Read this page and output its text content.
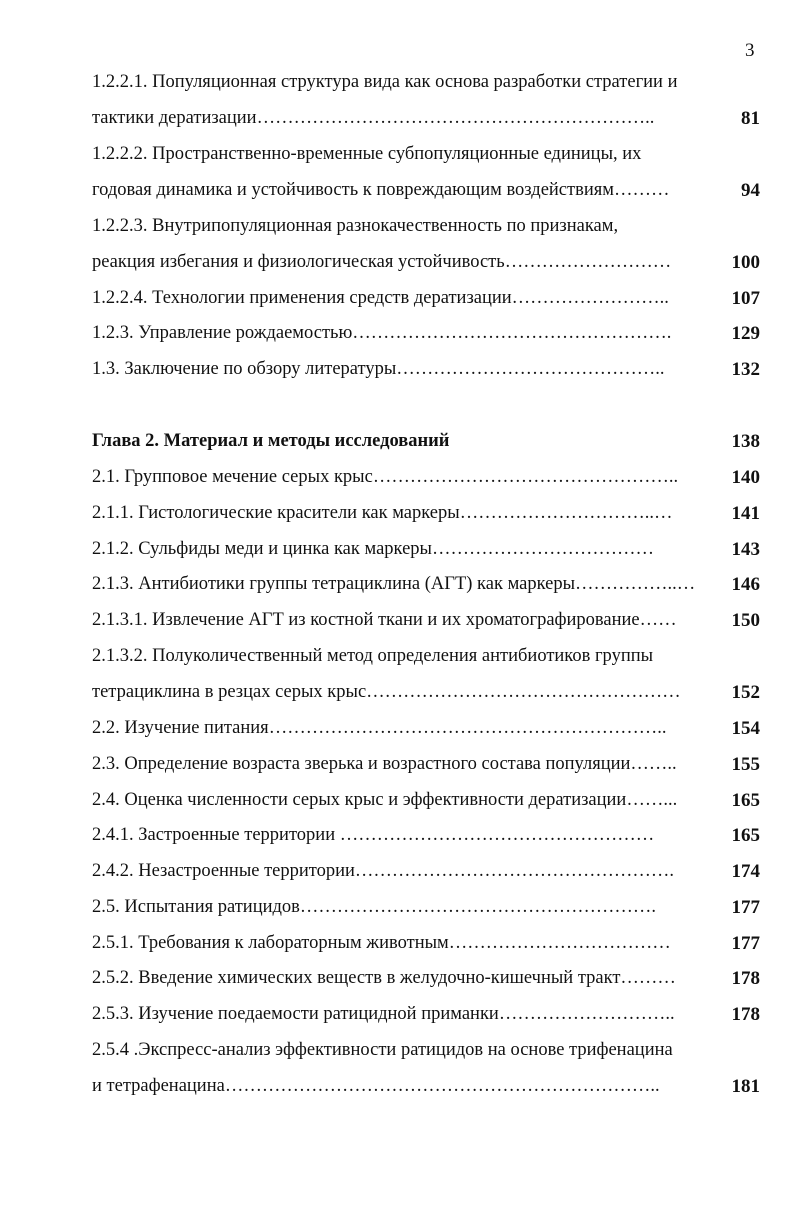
3
1.2.2.1. Популяционная структура вида как основа разработки стратегии и
тактики дератизации………………………………………………………..	81
1.2.2.2. Пространственно-временные субпопуляционные единицы, их
годовая динамика и устойчивость к повреждающим воздействиям………	94
1.2.2.3. Внутрипопуляционная разнокачественность по признакам,
реакция избегания и физиологическая устойчивость………………………	100
1.2.2.4. Технологии применения средств дератизации……………………..	107
1.2.3. Управление рождаемостью…………………………………………….	129
1.3. Заключение по обзору литературы……………………………………..	132
Глава 2. Материал и методы исследований	138
2.1. Групповое мечение серых крыс…………………………………………..	140
2.1.1. Гистологические красители как маркеры…………………………..…	141
2.1.2. Сульфиды меди и цинка как маркеры………………………………	143
2.1.3. Антибиотики группы тетрациклина (АГТ) как маркеры……………..…	146
2.1.3.1. Извлечение АГТ из костной ткани и их хроматографирование……	150
2.1.3.2. Полуколичественный метод определения антибиотиков группы
тетрациклина в резцах серых крыс……………………………………………	152
2.2. Изучение питания………………………………………………………..	154
2.3. Определение возраста зверька и возрастного состава популяции……..	155
2.4. Оценка численности серых крыс и эффективности дератизации……...	165
2.4.1. Застроенные территории ……………………………………………	165
2.4.2. Незастроенные территории…………………………………………….	174
2.5. Испытания ратицидов………………………………………………….	177
2.5.1. Требования к лабораторным животным………………………………	177
2.5.2. Введение химических веществ в желудочно-кишечный тракт………	178
2.5.3. Изучение поедаемости ратицидной приманки………………………..	178
2.5.4 .Экспресс-анализ эффективности ратицидов на основе трифенацина
и тетрафенацина……………………………………………………………..	181
